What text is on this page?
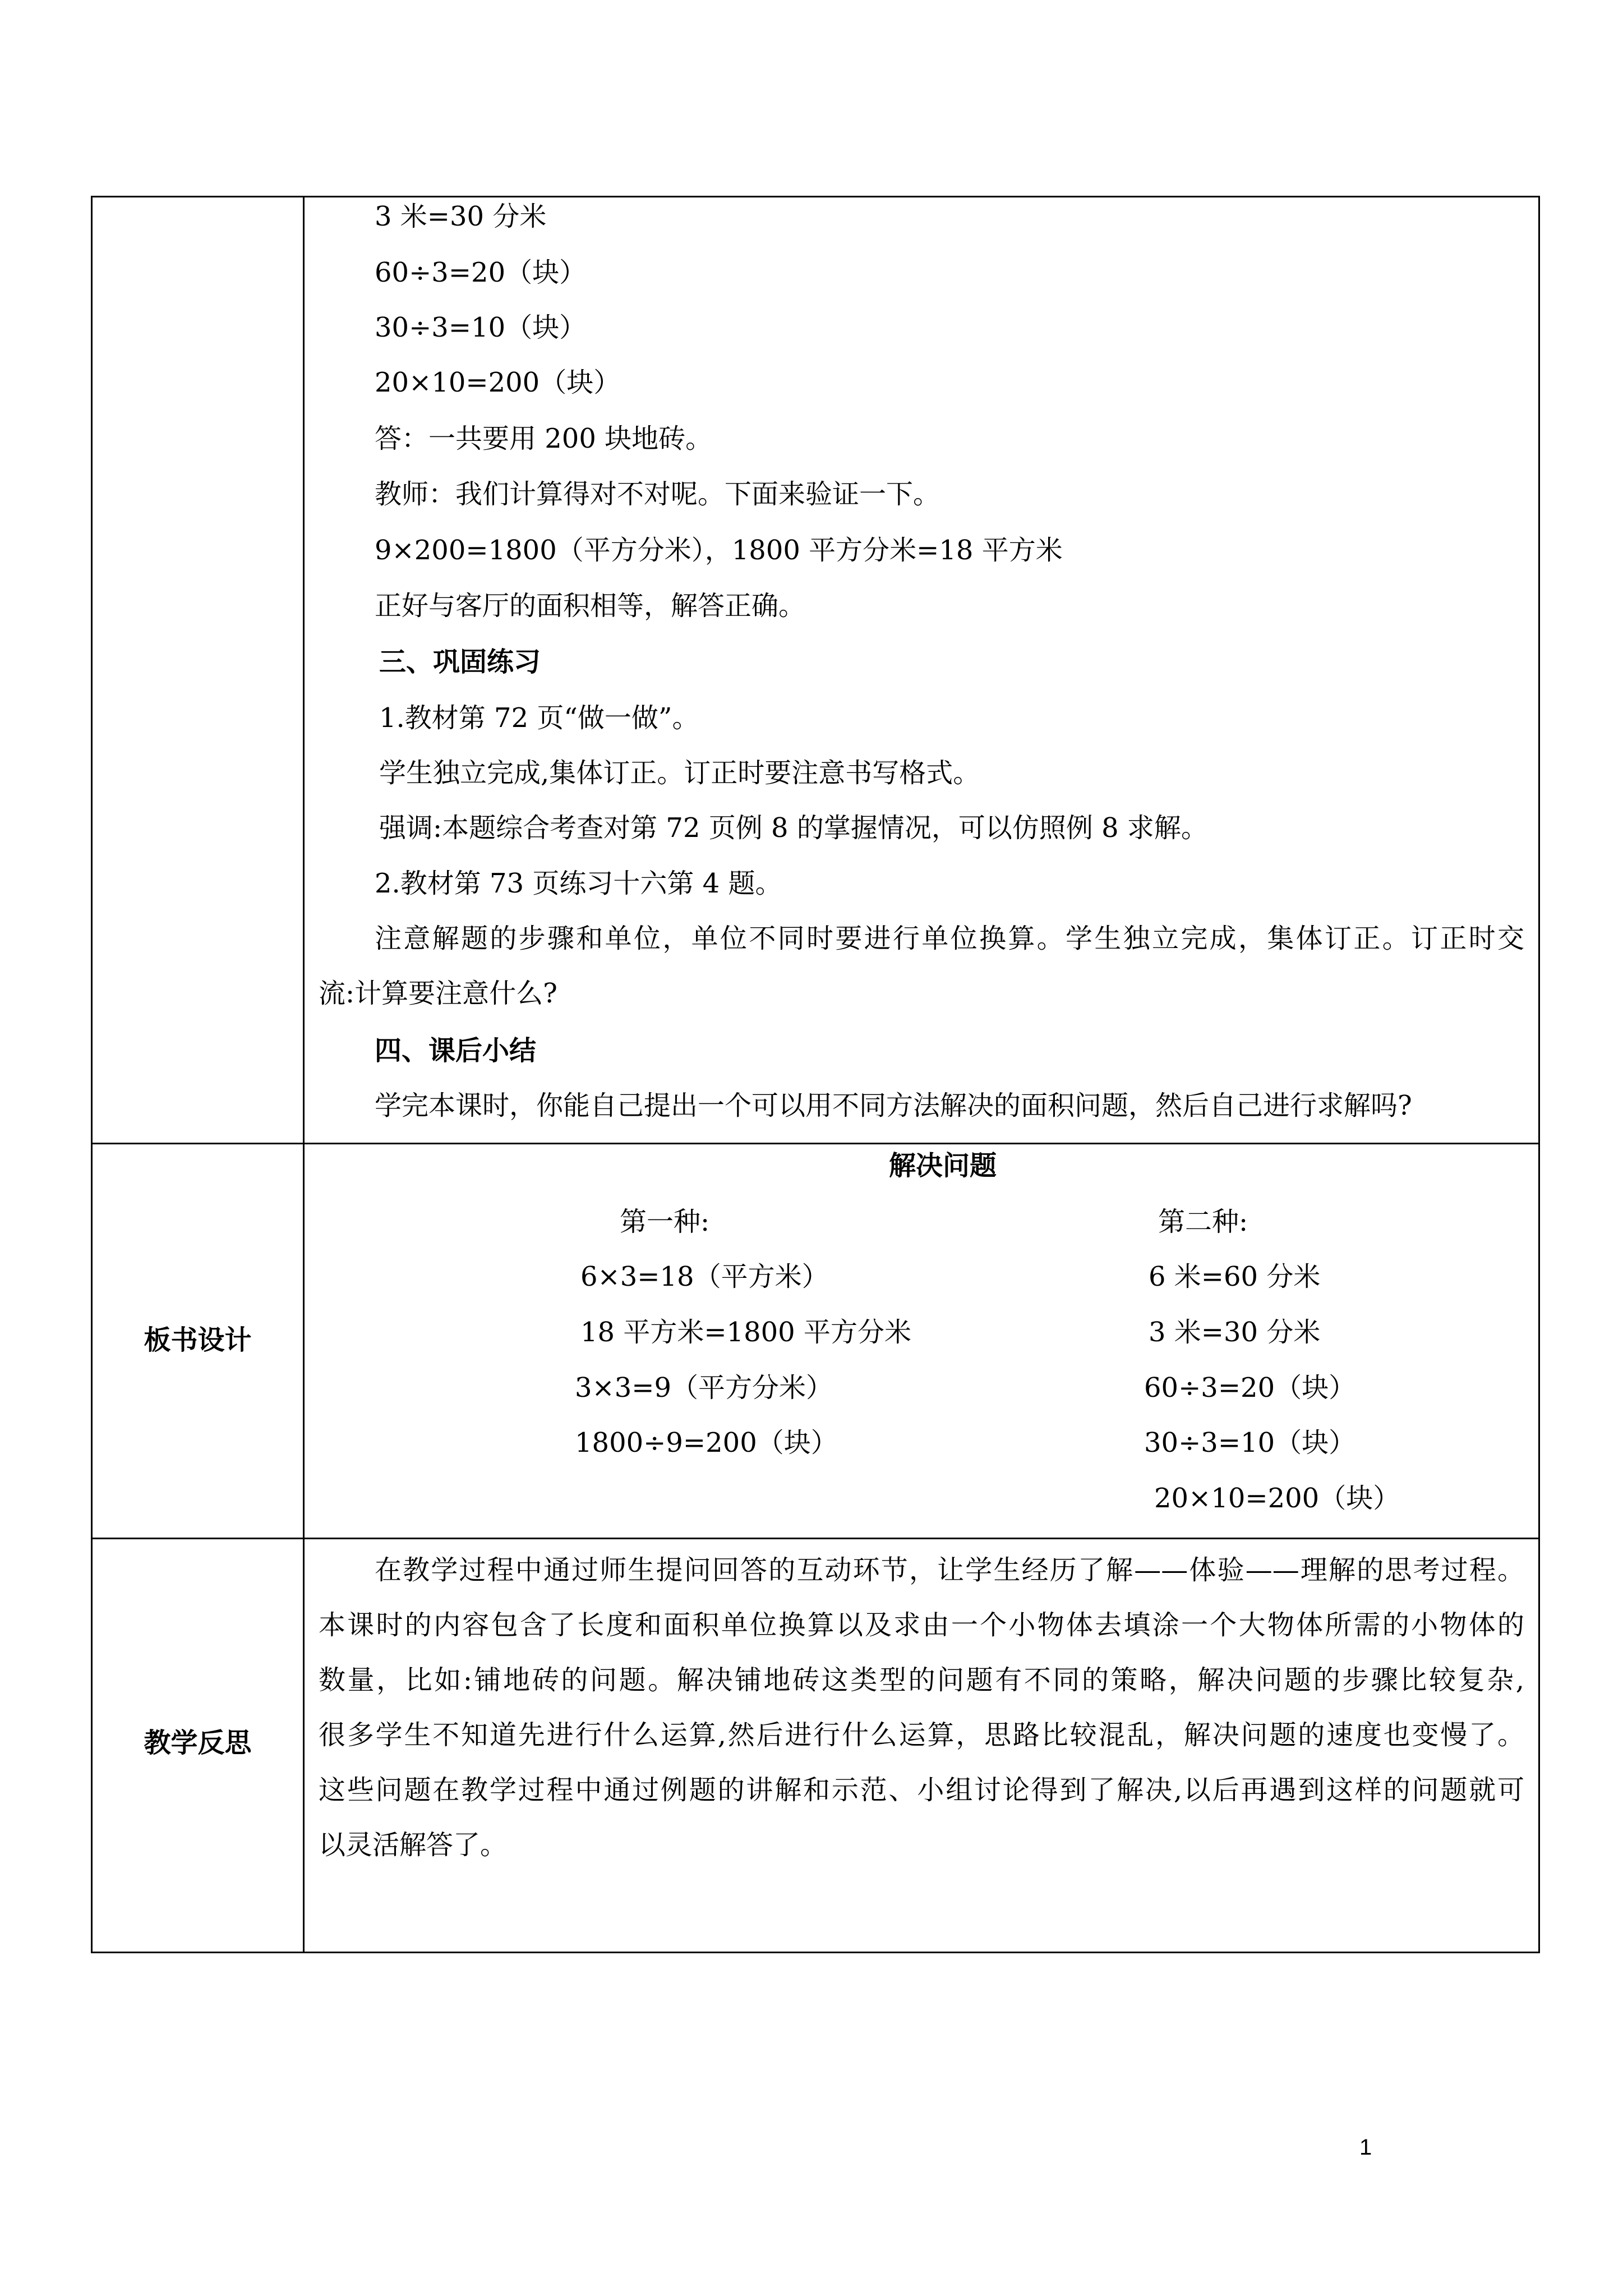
3 米=30 分米
60÷3=20（块）
30÷3=10（块）
20×10=200（块）
答：一共要用 200 块地砖。
教师：我们计算得对不对呢。下面来验证一下。
9×200=1800（平方分米），1800 平方分米=18 平方米
正好与客厅的面积相等，解答正确。
三、巩固练习
1.教材第 72 页“做一做”。
学生独立完成,集体订正。订正时要注意书写格式。
强调:本题综合考查对第 72 页例 8 的掌握情况，可以仿照例 8 求解。
2.教材第 73 页练习十六第 4 题。
注意解题的步骤和单位，单位不同时要进行单位换算。学生独立完成，集体订正。订正时交
流:计算要注意什么?
四、课后小结
学完本课时，你能自己提出一个可以用不同方法解决的面积问题，然后自己进行求解吗?
板书设计
解决问题
第一种:
6×3=18（平方米）
18 平方米=1800 平方分米
3×3=9（平方分米）
1800÷9=200（块）
第二种:
6 米=60 分米
3 米=30 分米
60÷3=20（块）
30÷3=10（块）
20×10=200（块）
教学反思
在教学过程中通过师生提问回答的互动环节，让学生经历了解——体验——理解的思考过程。
本课时的内容包含了长度和面积单位换算以及求由一个小物体去填涂一个大物体所需的小物体的
数量，比如:铺地砖的问题。解决铺地砖这类型的问题有不同的策略，解决问题的步骤比较复杂,
很多学生不知道先进行什么运算,然后进行什么运算，思路比较混乱，解决问题的速度也变慢了。
这些问题在教学过程中通过例题的讲解和示范、小组讨论得到了解决,以后再遇到这样的问题就可
以灵活解答了。
1
